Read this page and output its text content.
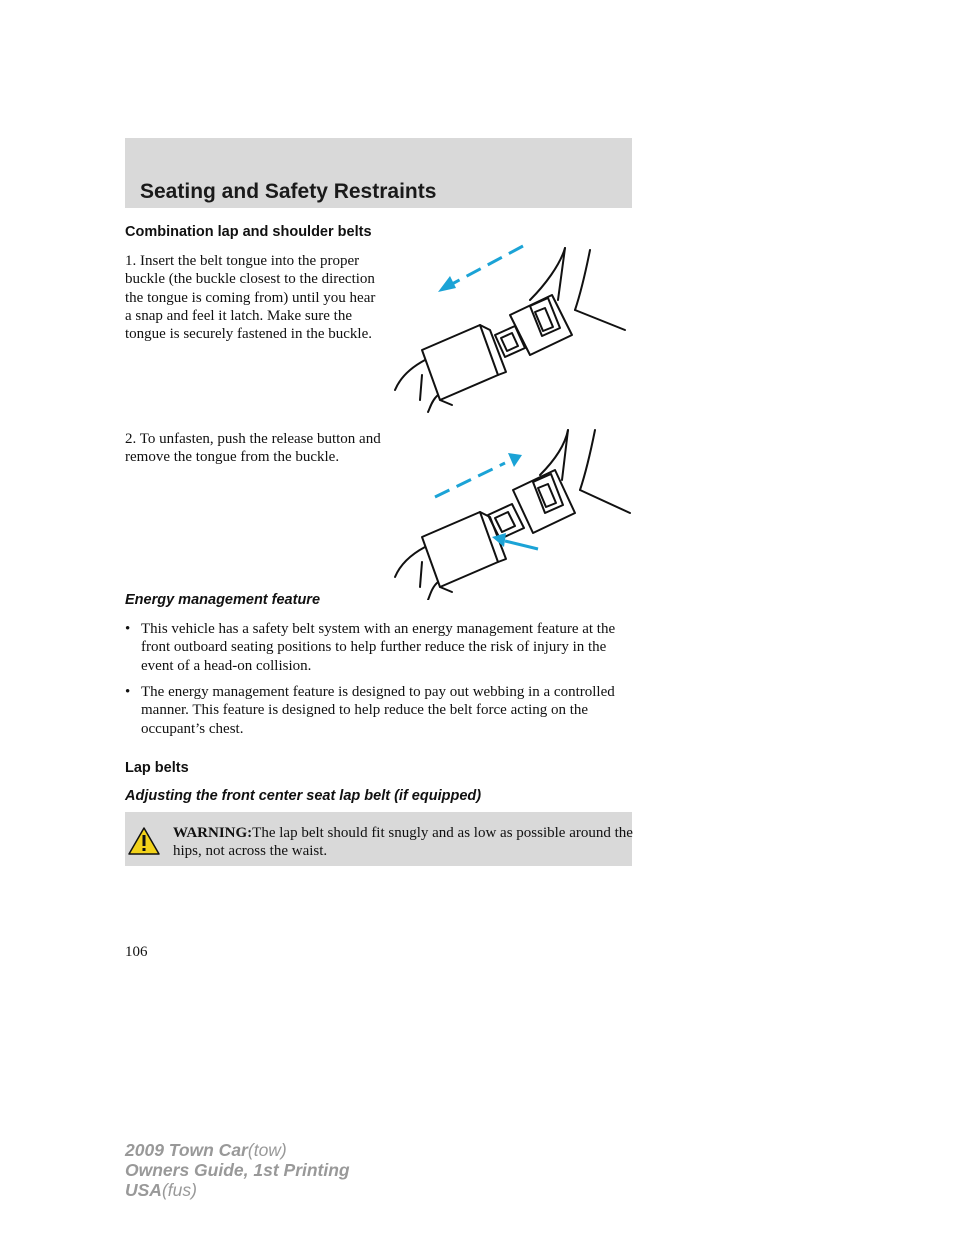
Seating and Safety Restraints
Combination lap and shoulder belts

1. Insert the belt tongue into the proper buckle (the buckle closest to the direction the tongue is coming from) until you hear a snap and feel it latch. Make sure the tongue is securely fastened in the buckle.

2. To unfasten, push the release button and remove the tongue from the buckle.

Energy management feature
• This vehicle has a safety belt system with an energy management feature at the front outboard seating positions to help further reduce the risk of injury in the event of a head-on collision.
• The energy management feature is designed to pay out webbing in a controlled manner. This feature is designed to help reduce the belt force acting on the occupant’s chest.
Lap belts
Adjusting the front center seat lap belt (if equipped)
WARNING:The lap belt should fit snugly and as low as possible around the hips, not across the waist.
106
2009 Town Car(tow)
Owners Guide, 1st Printing
USA(fus)
